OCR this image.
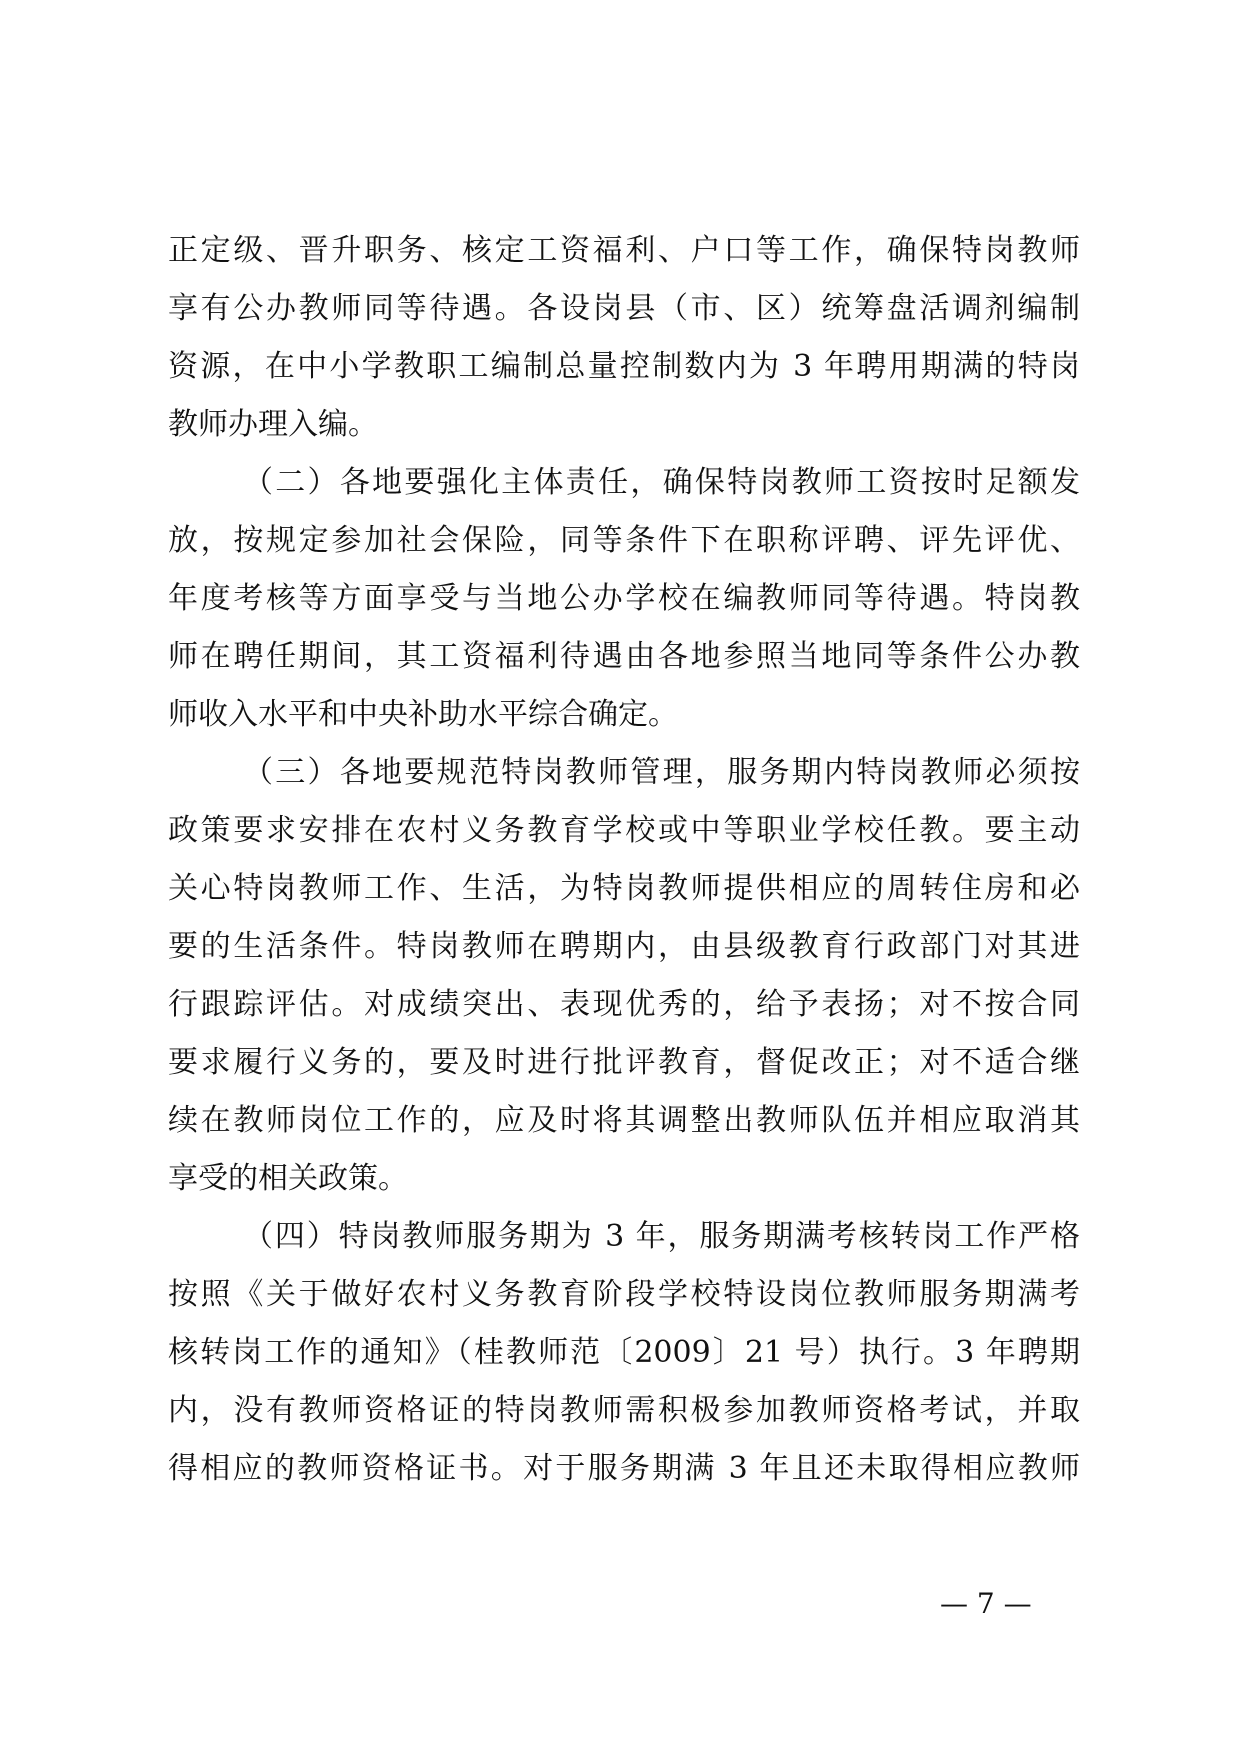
正定级、晋升职务、核定工资福利、户口等工作，确保特岗教师
享有公办教师同等待遇。各设岗县（市、区）统筹盘活调剂编制
资源，在中小学教职工编制总量控制数内为 3 年聘用期满的特岗
教师办理入编。
（二）各地要强化主体责任，确保特岗教师工资按时足额发
放，按规定参加社会保险，同等条件下在职称评聘、评先评优、
年度考核等方面享受与当地公办学校在编教师同等待遇。特岗教
师在聘任期间，其工资福利待遇由各地参照当地同等条件公办教
师收入水平和中央补助水平综合确定。
（三）各地要规范特岗教师管理，服务期内特岗教师必须按
政策要求安排在农村义务教育学校或中等职业学校任教。要主动
关心特岗教师工作、生活，为特岗教师提供相应的周转住房和必
要的生活条件。特岗教师在聘期内，由县级教育行政部门对其进
行跟踪评估。对成绩突出、表现优秀的，给予表扬；对不按合同
要求履行义务的，要及时进行批评教育，督促改正；对不适合继
续在教师岗位工作的，应及时将其调整出教师队伍并相应取消其
享受的相关政策。
（四）特岗教师服务期为 3 年，服务期满考核转岗工作严格
按照《关于做好农村义务教育阶段学校特设岗位教师服务期满考
核转岗工作的通知》（桂教师范〔2009〕21 号）执行。3 年聘期
内，没有教师资格证的特岗教师需积极参加教师资格考试，并取
得相应的教师资格证书。对于服务期满 3 年且还未取得相应教师
— 7 —
